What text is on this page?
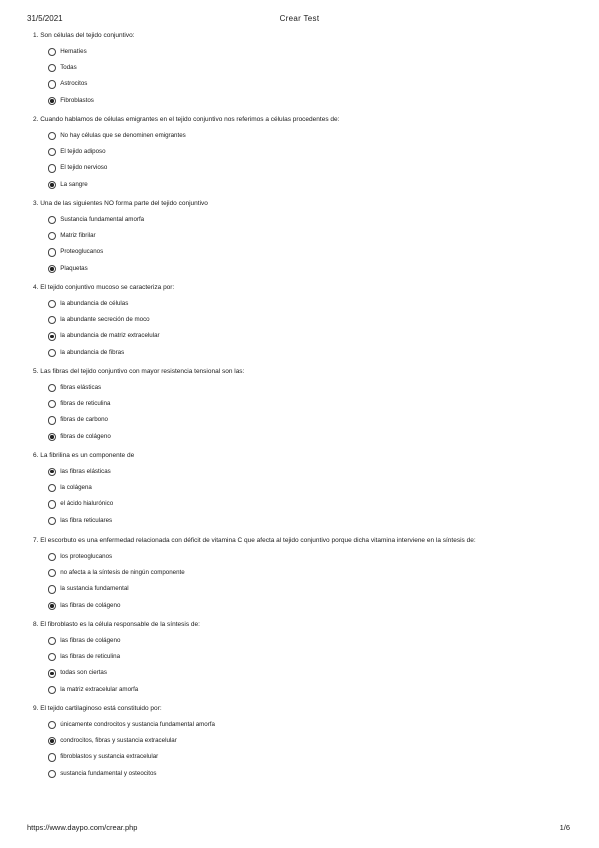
31/5/2021	Crear Test
1. Son células del tejido conjuntivo:
Hematíes
Todas
Astrocitos
Fibroblastos
2. Cuando hablamos de células emigrantes en el tejido conjuntivo nos referimos a células procedentes de:
No hay células que se denominen emigrantes
El tejido adiposo
El tejido nervioso
La sangre
3. Una de las siguientes NO forma parte del tejido conjuntivo
Sustancia fundamental amorfa
Matriz fibrilar
Proteoglucanos
Plaquetas
4. El tejido conjuntivo mucoso se caracteriza por:
la abundancia de células
la abundante secreción de moco
la abundancia de matriz extracelular
la abundancia de fibras
5. Las fibras del tejido conjuntivo con mayor resistencia tensional son las:
fibras elásticas
fibras de reticulina
fibras de carbono
fibras de colágeno
6. La fibrilina es un componente de
las fibras elásticas
la colágena
el ácido hialurónico
las fibra reticulares
7. El escorbuto es una enfermedad relacionada con déficit de vitamina C que afecta al tejido conjuntivo porque dicha vitamina interviene en la síntesis de:
los proteoglucanos
no afecta a la síntesis de ningún componente
la sustancia fundamental
las fibras de colágeno
8. El fibroblasto es la célula responsable de la síntesis de:
las fibras de colágeno
las fibras de reticulina
todas son ciertas
la matriz extracelular amorfa
9. El tejido cartilaginoso está constituido por:
únicamente condrocitos y sustancia fundamental amorfa
condrocitos, fibras y sustancia extracelular
fibroblastos y sustancia extracelular
sustancia fundamental y osteocitos
https://www.daypo.com/crear.php	1/6
